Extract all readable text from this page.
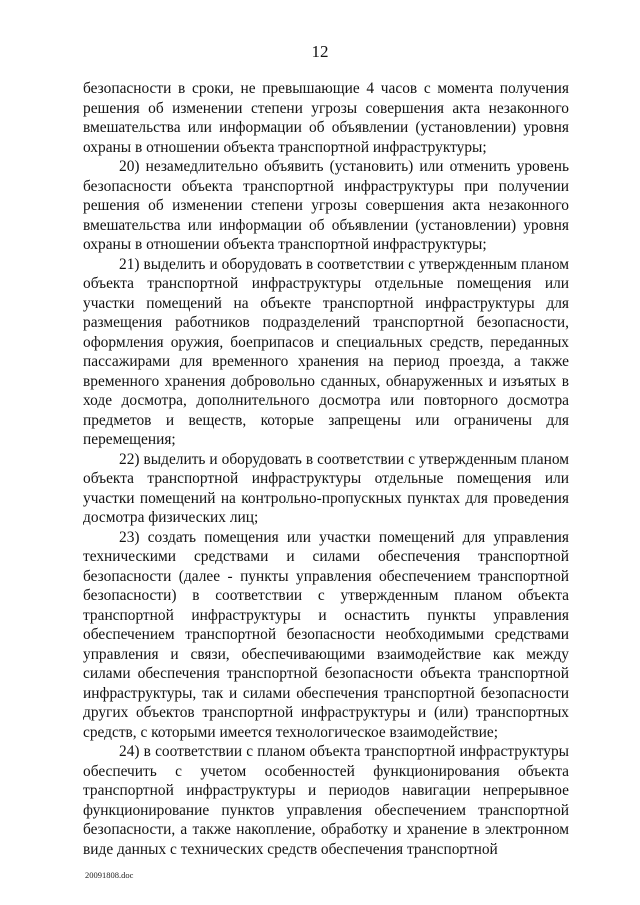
12

безопасности в сроки, не превышающие 4 часов с момента получения решения об изменении степени угрозы совершения акта незаконного вмешательства или информации об объявлении (установлении) уровня охраны в отношении объекта транспортной инфраструктуры;

20) незамедлительно объявить (установить) или отменить уровень безопасности объекта транспортной инфраструктуры при получении решения об изменении степени угрозы совершения акта незаконного вмешательства или информации об объявлении (установлении) уровня охраны в отношении объекта транспортной инфраструктуры;

21) выделить и оборудовать в соответствии с утвержденным планом объекта транспортной инфраструктуры отдельные помещения или участки помещений на объекте транспортной инфраструктуры для размещения работников подразделений транспортной безопасности, оформления оружия, боеприпасов и специальных средств, переданных пассажирами для временного хранения на период проезда, а также временного хранения добровольно сданных, обнаруженных и изъятых в ходе досмотра, дополнительного досмотра или повторного досмотра предметов и веществ, которые запрещены или ограничены для перемещения;

22) выделить и оборудовать в соответствии с утвержденным планом объекта транспортной инфраструктуры отдельные помещения или участки помещений на контрольно-пропускных пунктах для проведения досмотра физических лиц;

23) создать помещения или участки помещений для управления техническими средствами и силами обеспечения транспортной безопасности (далее - пункты управления обеспечением транспортной безопасности) в соответствии с утвержденным планом объекта транспортной инфраструктуры и оснастить пункты управления обеспечением транспортной безопасности необходимыми средствами управления и связи, обеспечивающими взаимодействие как между силами обеспечения транспортной безопасности объекта транспортной инфраструктуры, так и силами обеспечения транспортной безопасности других объектов транспортной инфраструктуры и (или) транспортных средств, с которыми имеется технологическое взаимодействие;

24) в соответствии с планом объекта транспортной инфраструктуры обеспечить с учетом особенностей функционирования объекта транспортной инфраструктуры и периодов навигации непрерывное функционирование пунктов управления обеспечением транспортной безопасности, а также накопление, обработку и хранение в электронном виде данных с технических средств обеспечения транспортной

20091808.doc
